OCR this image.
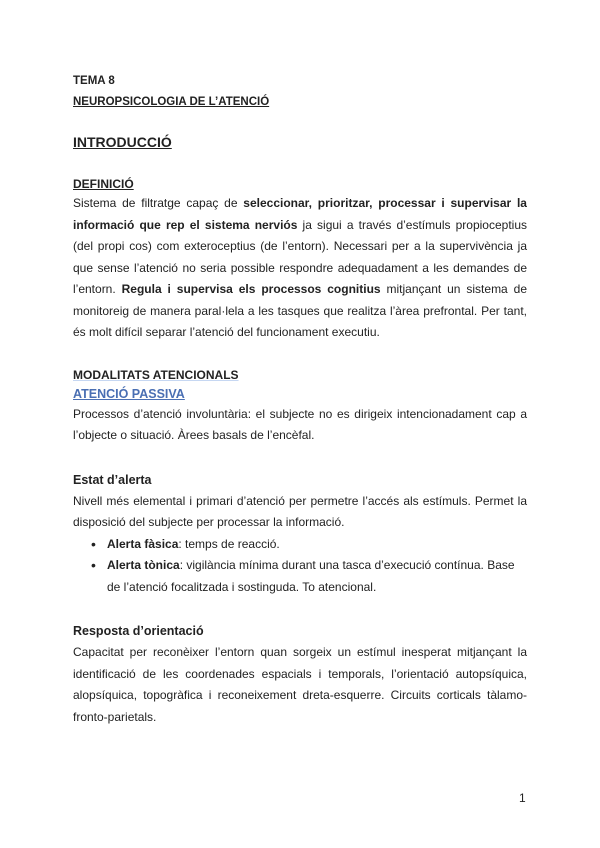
TEMA 8
NEUROPSICOLOGIA DE L’ATENCIÓ
INTRODUCCIÓ
DEFINICIÓ

Sistema de filtratge capaç de seleccionar, prioritzar, processar i supervisar la informació que rep el sistema nerviós ja sigui a través d’estímuls propioceptius (del propi cos) com exteroceptius (de l’entorn). Necessari per a la supervivència ja que sense l’atenció no seria possible respondre adequadament a les demandes de l’entorn. Regula i supervisa els processos cognitius mitjançant un sistema de monitoreig de manera paral·lela a les tasques que realitza l’àrea prefrontal. Per tant, és molt difícil separar l’atenció del funcionament executiu.

MODALITATS ATENCIONALS
ATENCIÓ PASSIVA

Processos d’atenció involuntària: el subjecte no es dirigeix intencionadament cap a l’objecte o situació. Àrees basals de l’encèfal.

Estat d’alerta

Nivell més elemental i primari d’atenció per permetre l’accés als estímuls. Permet la disposició del subjecte per processar la informació.

• Alerta fàsica: temps de reacció.
• Alerta tònica: vigilància mínima durant una tasca d’execució contínua. Base de l’atenció focalitzada i sostinguda. To atencional.
Resposta d’orientació

Capacitat per reconèixer l’entorn quan sorgeix un estímul inesperat mitjançant la identificació de les coordenades espacials i temporals, l’orientació autopsíquica, alopsíquica, topogràfica i reconeixement dreta-esquerre. Circuits corticals tàlamo-fronto-parietals.

1
